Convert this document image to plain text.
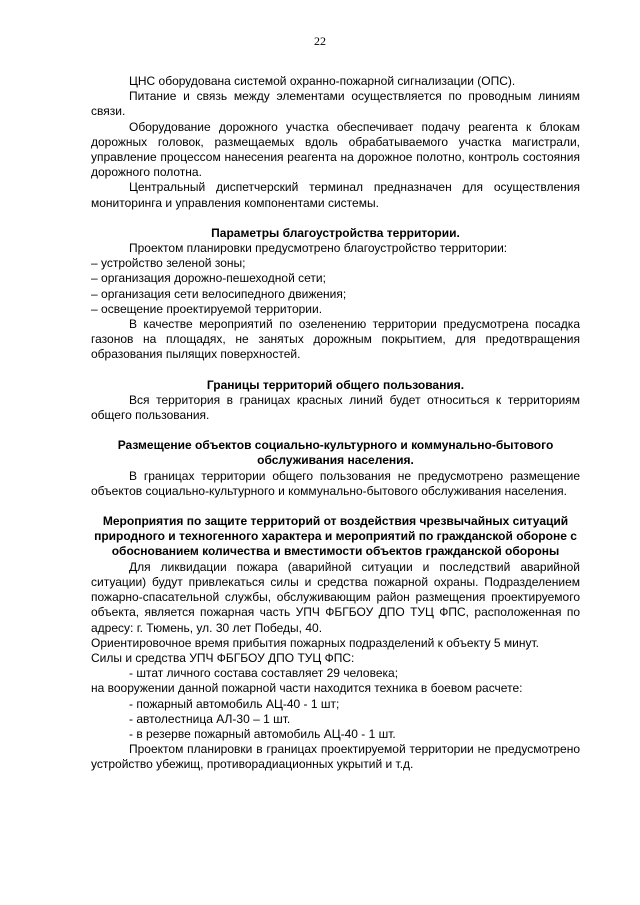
22

ЦНС оборудована системой охранно-пожарной сигнализации (ОПС).

Питание и связь между элементами осуществляется по проводным линиям связи.

Оборудование дорожного участка обеспечивает подачу реагента к блокам дорожных головок, размещаемых вдоль обрабатываемого участка магистрали, управление процессом нанесения реагента на дорожное полотно, контроль состояния дорожного полотна.

Центральный диспетчерский терминал предназначен для осуществления мониторинга и управления компонентами системы.

Параметры благоустройства территории.

Проектом планировки предусмотрено благоустройство территории:

– устройство зеленой зоны;

– организация дорожно-пешеходной сети;

– организация сети велосипедного движения;

– освещение проектируемой территории.

В качестве мероприятий по озеленению территории предусмотрена посадка газонов на площадях, не занятых дорожным покрытием, для предотвращения образования пылящих поверхностей.

Границы территорий общего пользования.

Вся территория в границах красных линий будет относиться к территориям общего пользования.

Размещение объектов социально-культурного и коммунально-бытового обслуживания населения.

В границах территории общего пользования не предусмотрено размещение объектов социально-культурного и коммунально-бытового обслуживания населения.

Мероприятия по защите территорий от воздействия чрезвычайных ситуаций природного и техногенного характера и мероприятий по гражданской обороне с обоснованием количества и вместимости объектов гражданской обороны

Для ликвидации пожара (аварийной ситуации и последствий аварийной ситуации) будут привлекаться силы и средства пожарной охраны. Подразделением пожарно-спасательной службы, обслуживающим район размещения проектируемого объекта, является пожарная часть УПЧ ФБГБОУ ДПО ТУЦ ФПС, расположенная по адресу: г. Тюмень, ул. 30 лет Победы, 40.

Ориентировочное время прибытия пожарных подразделений к объекту 5 минут.

Силы и средства УПЧ ФБГБОУ ДПО ТУЦ ФПС:

- штат личного состава составляет 29 человека;

на вооружении данной пожарной части находится техника в боевом расчете:

- пожарный автомобиль АЦ-40 - 1 шт;

- автолестница АЛ-30 – 1 шт.

- в резерве пожарный автомобиль АЦ-40 - 1 шт.

Проектом планировки в границах проектируемой территории не предусмотрено устройство убежищ, противорадиационных укрытий и т.д.
